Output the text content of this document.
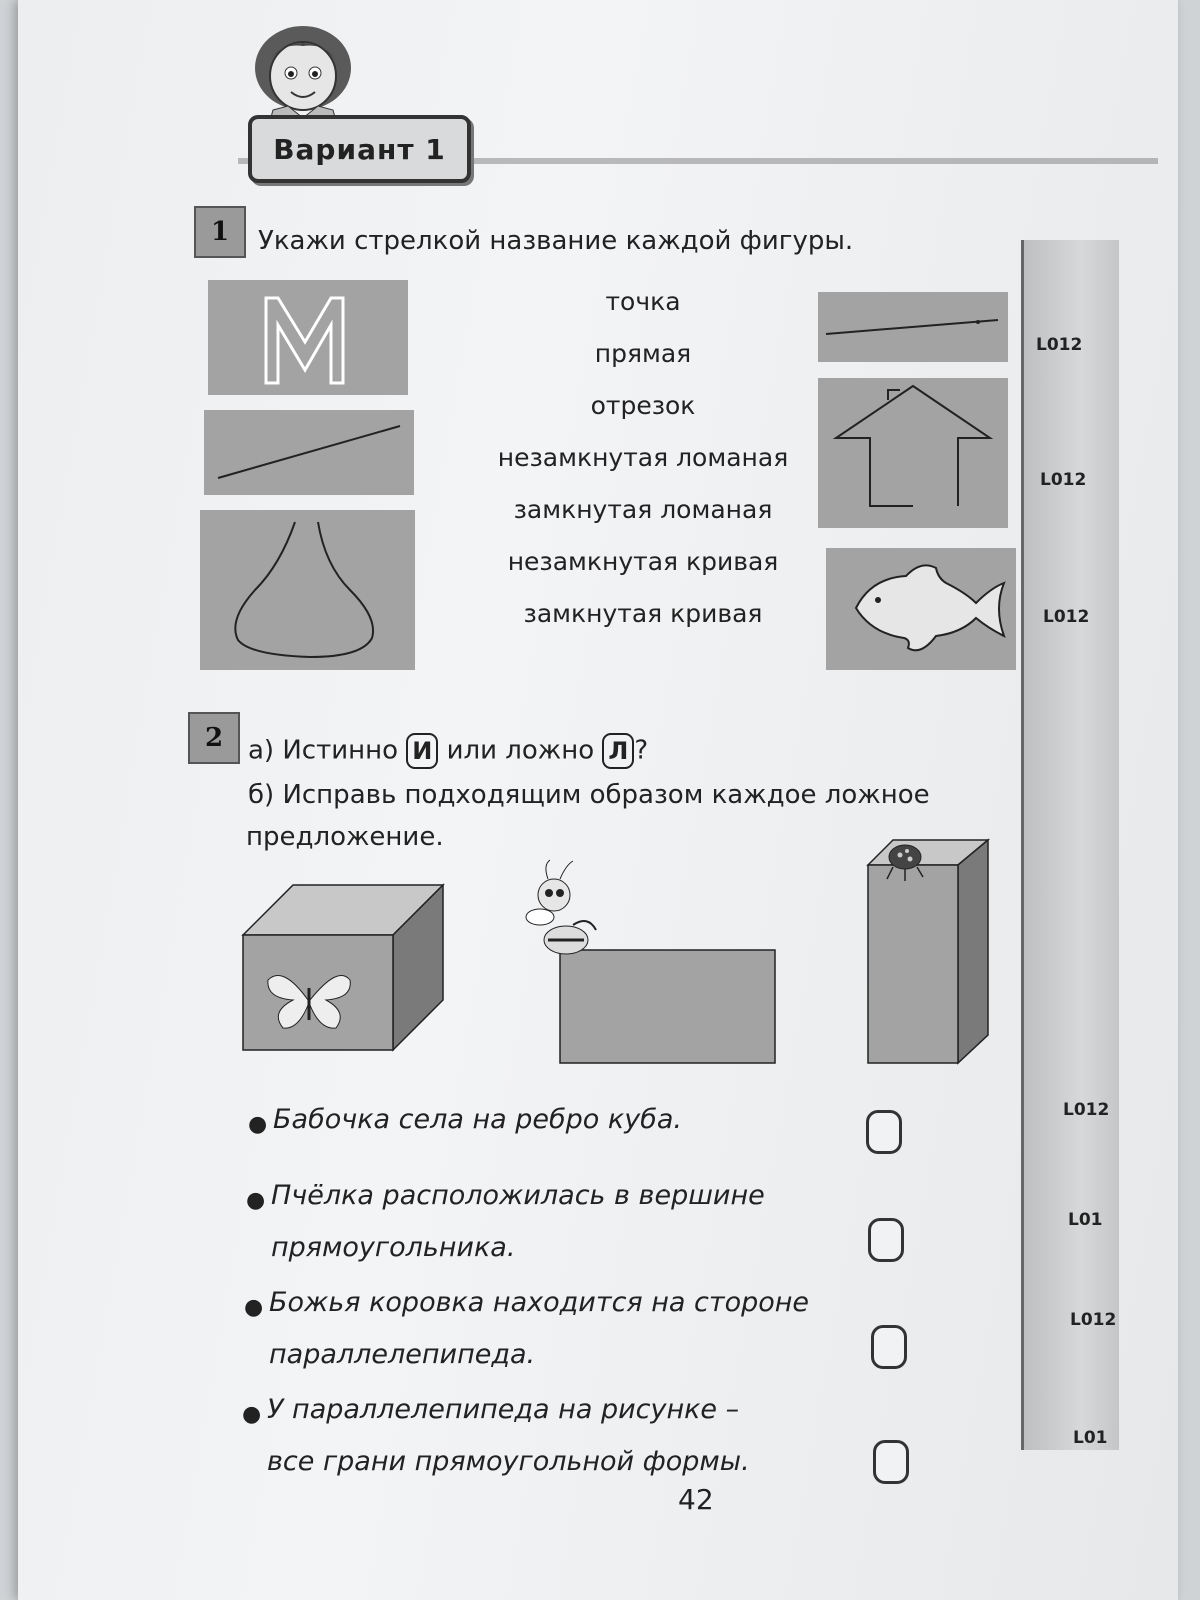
Вариант 1
L012
L012
L012
L012
L01
L012
L01
1	Укажи стрелкой название каждой фигуры.
точка
прямая
отрезок
незамкнутая ломаная
замкнутая ломаная
незамкнутая кривая
замкнутая кривая
2 а) Истинно И или ложно Л ?
б) Исправь подходящим образом каждое ложное
предложение.
● Бабочка села на ребро куба.
● Пчёлка расположилась в вершине
прямоугольника.
● Божья коровка находится на стороне
параллелепипеда.
● У параллелепипеда на рисунке –
все грани прямоугольной формы.
42
